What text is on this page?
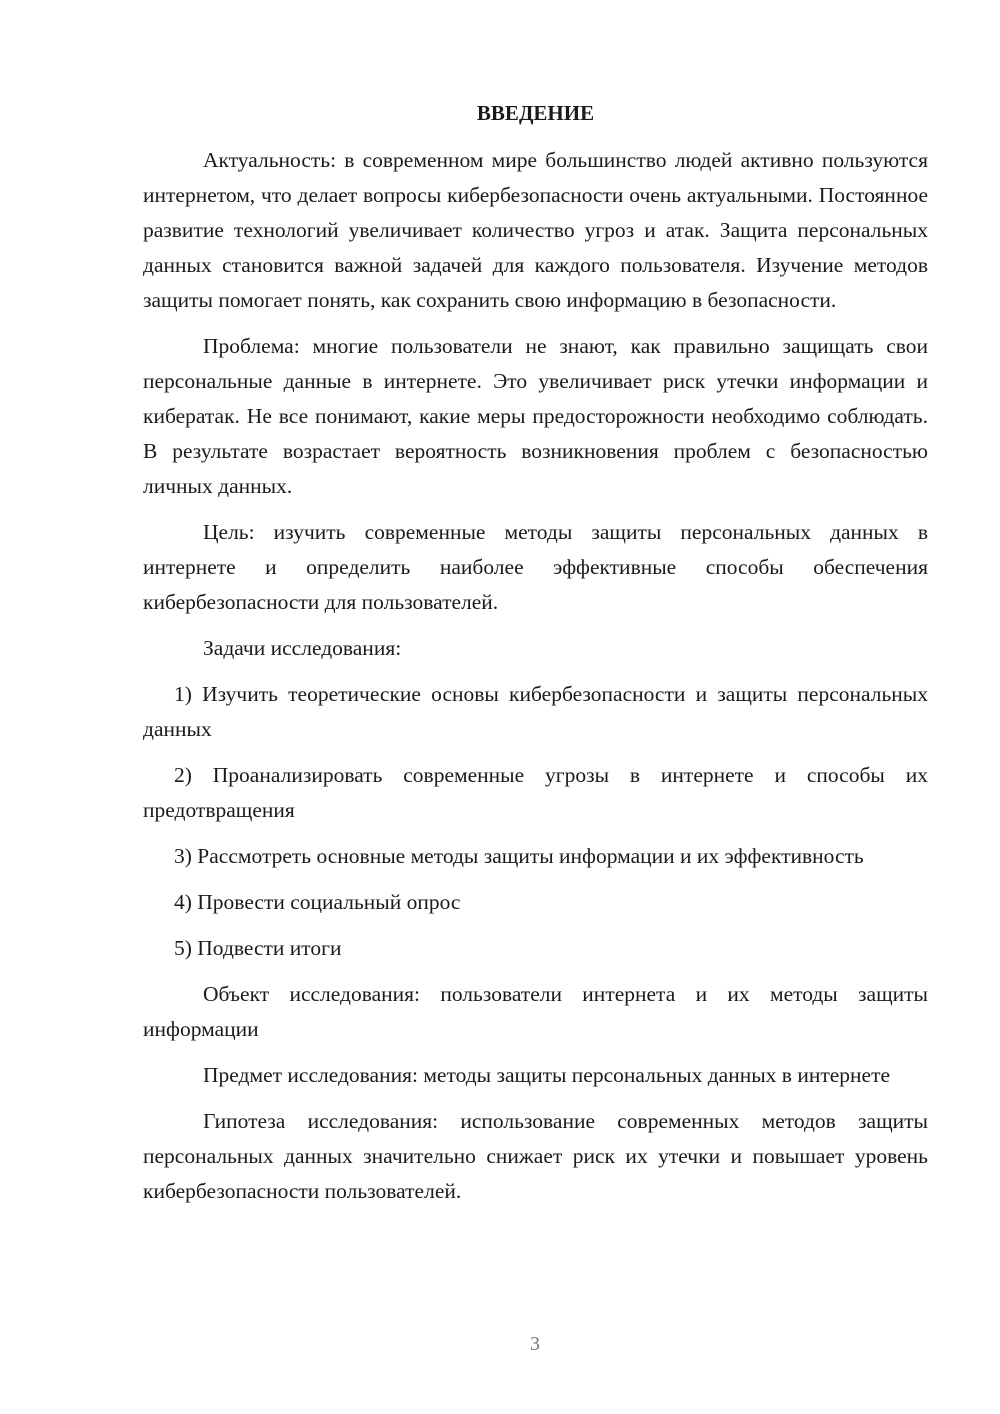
ВВЕДЕНИЕ

Актуальность: в современном мире большинство людей активно пользуются интернетом, что делает вопросы кибербезопасности очень актуальными. Постоянное развитие технологий увеличивает количество угроз и атак. Защита персональных данных становится важной задачей для каждого пользователя. Изучение методов защиты помогает понять, как сохранить свою информацию в безопасности.

Проблема: многие пользователи не знают, как правильно защищать свои персональные данные в интернете. Это увеличивает риск утечки информации и кибератак. Не все понимают, какие меры предосторожности необходимо соблюдать. В результате возрастает вероятность возникновения проблем с безопасностью личных данных.

Цель: изучить современные методы защиты персональных данных в интернете и определить наиболее эффективные способы обеспечения кибербезопасности для пользователей.

Задачи исследования:

1) Изучить теоретические основы кибербезопасности и защиты персональных данных

2) Проанализировать современные угрозы в интернете и способы их предотвращения

3) Рассмотреть основные методы защиты информации и их эффективность

4) Провести социальный опрос

5) Подвести итоги

Объект исследования: пользователи интернета и их методы защиты информации

Предмет исследования: методы защиты персональных данных в интернете

Гипотеза исследования: использование современных методов защиты персональных данных значительно снижает риск их утечки и повышает уровень кибербезопасности пользователей.

3
